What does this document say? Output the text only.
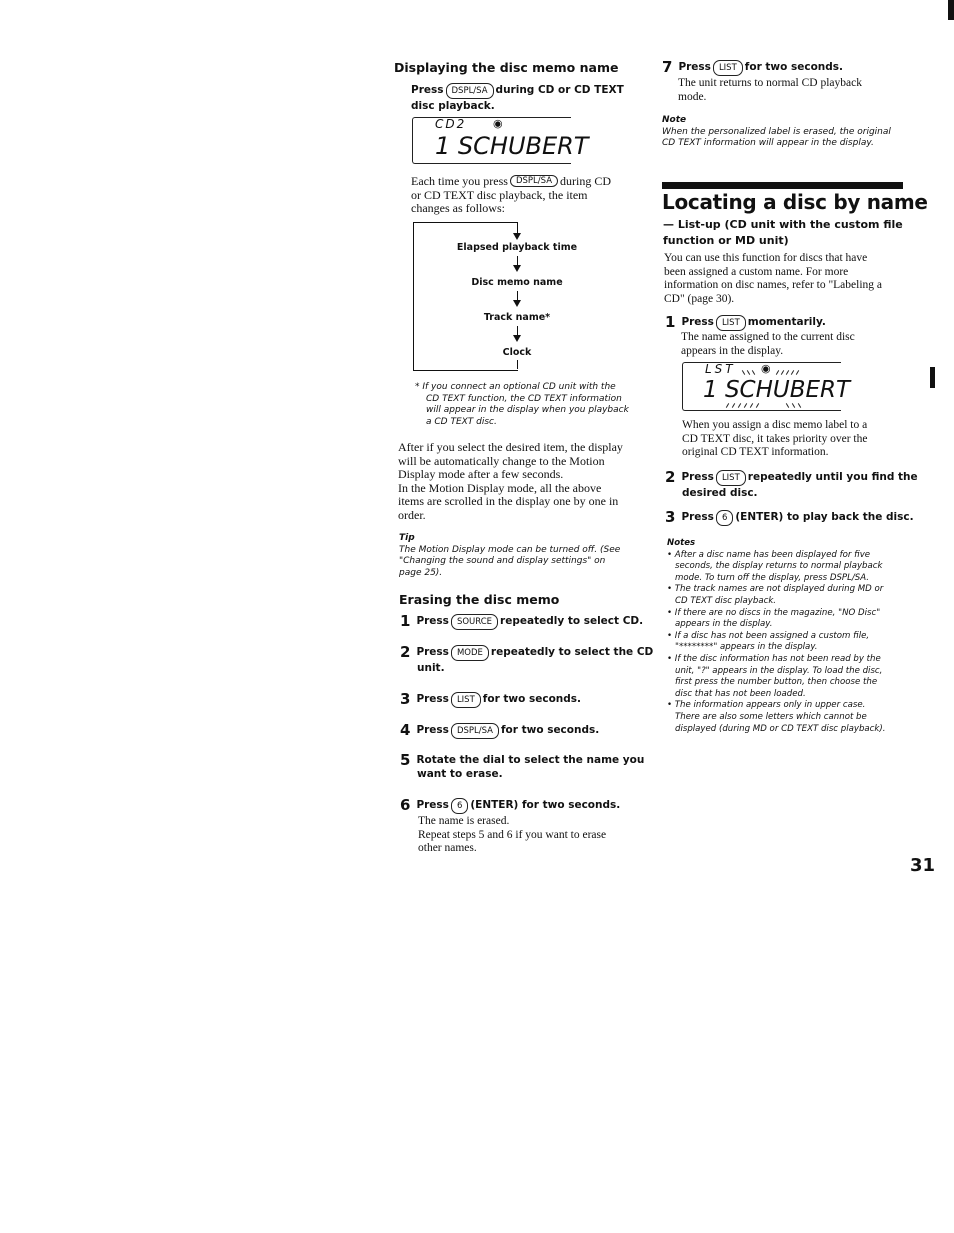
Displaying the disc memo name
Press DSPL/SA during CD or CD TEXT
disc playback.
CD2 ◉
1 SCHUBERT
Each time you press DSPL/SA during CD
or CD TEXT disc playback, the item
changes as follows:
Elapsed playback time
Disc memo name
Track name*
Clock
* If you connect an optional CD unit with the
CD TEXT function, the CD TEXT information
will appear in the display when you playback
a CD TEXT disc.
After if you select the desired item, the display
will be automatically change to the Motion
Display mode after a few seconds.
In the Motion Display mode, all the above
items are scrolled in the display one by one in
order.
Tip
The Motion Display mode can be turned off. (See
"Changing the sound and display settings" on
page 25).
Erasing the disc memo
1 Press SOURCE repeatedly to select CD.
2 Press MODE repeatedly to select the CD
unit.
3 Press LIST for two seconds.
4 Press DSPL/SA for two seconds.
5 Rotate the dial to select the name you
want to erase.
6 Press 6 (ENTER) for two seconds.
The name is erased.
Repeat steps 5 and 6 if you want to erase
other names.
7 Press LIST for two seconds.
The unit returns to normal CD playback
mode.
Note
When the personalized label is erased, the original
CD TEXT information will appear in the display.
Locating a disc by name
— List-up (CD unit with the custom file
function or MD unit)
You can use this function for discs that have
been assigned a custom name. For more
information on disc names, refer to "Labeling a
CD" (page 30).
1 Press LIST momentarily.
The name assigned to the current disc
appears in the display.
LST ◉
1 SCHUBERT
When you assign a disc memo label to a
CD TEXT disc, it takes priority over the
original CD TEXT information.
2 Press LIST repeatedly until you find the
desired disc.
3 Press 6 (ENTER) to play back the disc.
Notes
• After a disc name has been displayed for five
seconds, the display returns to normal playback
mode. To turn off the display, press DSPL/SA.
• The track names are not displayed during MD or
CD TEXT disc playback.
• If there are no discs in the magazine, "NO Disc"
appears in the display.
• If a disc has not been assigned a custom file,
"********" appears in the display.
• If the disc information has not been read by the
unit, "?" appears in the display. To load the disc,
first press the number button, then choose the
disc that has not been loaded.
• The information appears only in upper case.
There are also some letters which cannot be
displayed (during MD or CD TEXT disc playback).
31
